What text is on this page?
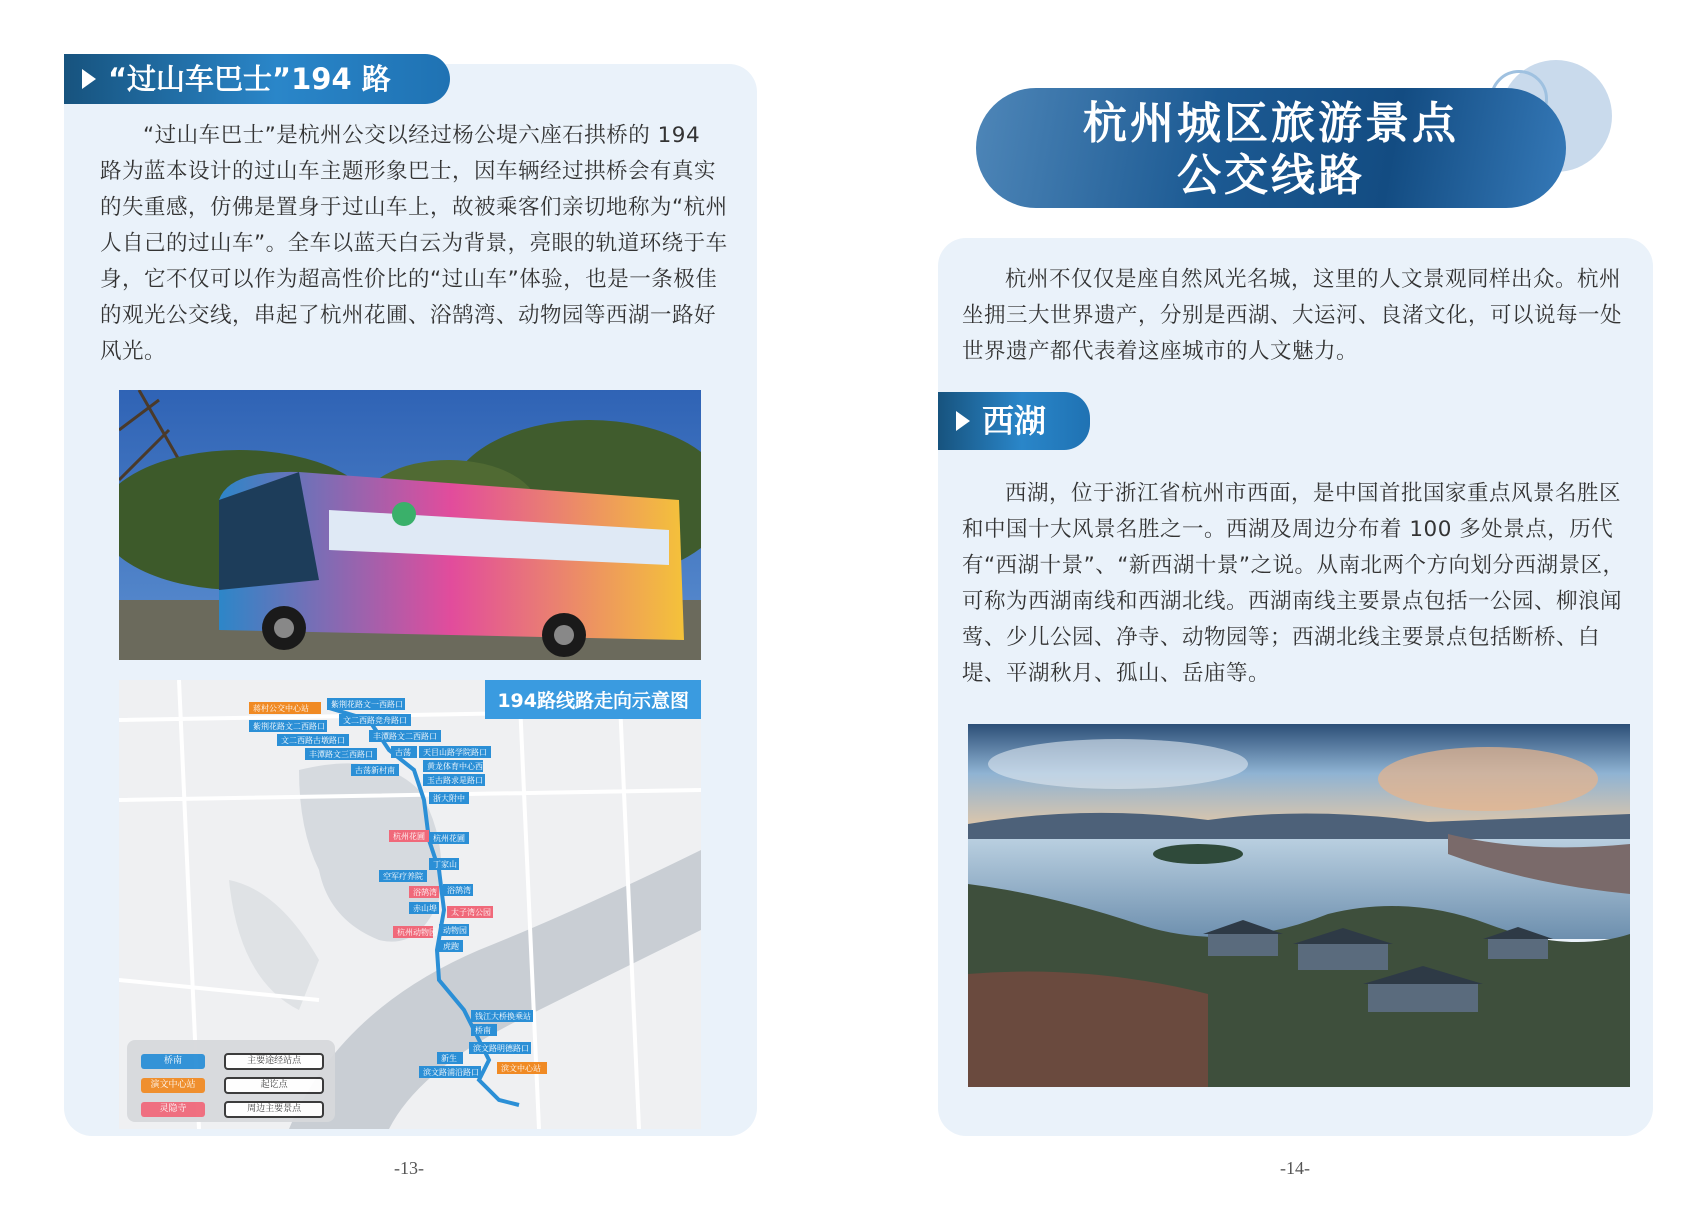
“过山车巴士”194 路

“过山车巴士”是杭州公交以经过杨公堤六座石拱桥的 194 路为蓝本设计的过山车主题形象巴士，因车辆经过拱桥会有真实的失重感，仿佛是置身于过山车上，故被乘客们亲切地称为“杭州人自己的过山车”。全车以蓝天白云为背景，亮眼的轨道环绕于车身，它不仅可以作为超高性价比的“过山车”体验，也是一条极佳的观光公交线，串起了杭州花圃、浴鹄湾、动物园等西湖一路好风光。

蒋村公交中心站	紫荆花路文一西路口
文二西路竞舟路口
紫荆花路文二西路口
文二西路古墩路口	丰潭路文二西路口
丰潭路文三西路口	古荡 天目山路学院路口
古荡新村南	黄龙体育中心西
玉古路求是路口
浙大附中
杭州花圃 杭州花圃
丁家山
空军疗养院
浴鹄湾 浴鹄湾
赤山埠 太子湾公园
杭州动物园 动物园
虎跑
钱江大桥换乘站
桥南
滨文路明德路口
新生
滨文路浦沿路口	滨文中心站
194路线路走向示意图
桥南	主要途经站点
演文中心站	起讫点
灵隐寺	周边主要景点
-13-
杭州城区旅游景点
公交线路

杭州不仅仅是座自然风光名城，这里的人文景观同样出众。杭州坐拥三大世界遗产，分别是西湖、大运河、良渚文化，可以说每一处世界遗产都代表着这座城市的人文魅力。

西湖

西湖，位于浙江省杭州市西面，是中国首批国家重点风景名胜区和中国十大风景名胜之一。西湖及周边分布着 100 多处景点，历代有“西湖十景”、“新西湖十景”之说。从南北两个方向划分西湖景区，可称为西湖南线和西湖北线。西湖南线主要景点包括一公园、柳浪闻莺、少儿公园、净寺、动物园等；西湖北线主要景点包括断桥、白堤、平湖秋月、孤山、岳庙等。

-14-
